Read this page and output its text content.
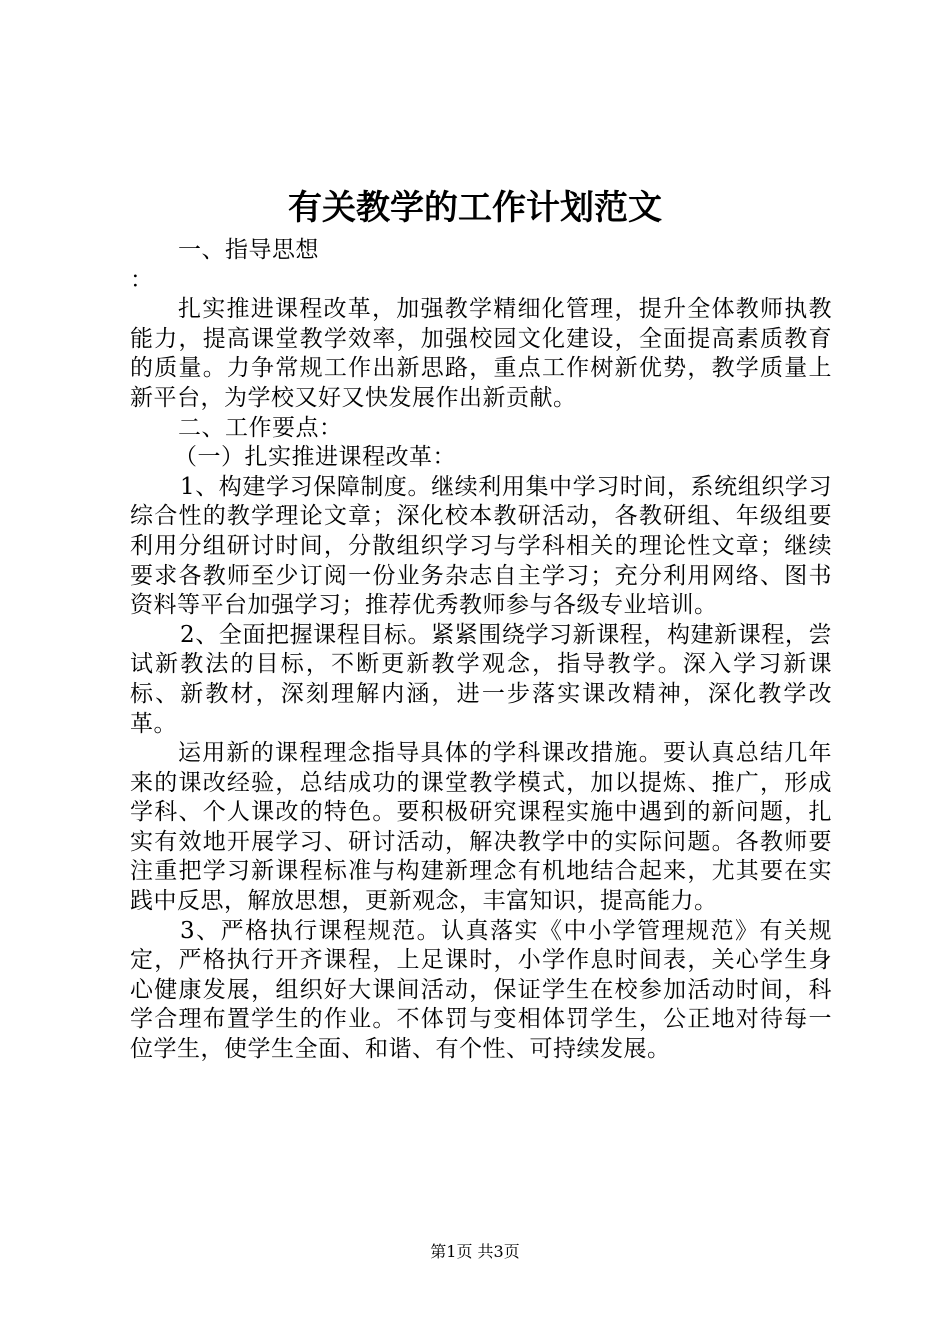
有关教学的工作计划范文
一、指导思想
：

扎实推进课程改革，加强教学精细化管理，提升全体教师执教能力，提高课堂教学效率，加强校园文化建设，全面提高素质教育的质量。力争常规工作出新思路，重点工作树新优势，教学质量上新平台，为学校又好又快发展作出新贡献。

二、工作要点：
（一）扎实推进课程改革：

1、构建学习保障制度。继续利用集中学习时间，系统组织学习综合性的教学理论文章；深化校本教研活动，各教研组、年级组要利用分组研讨时间，分散组织学习与学科相关的理论性文章；继续要求各教师至少订阅一份业务杂志自主学习；充分利用网络、图书资料等平台加强学习；推荐优秀教师参与各级专业培训。

2、全面把握课程目标。紧紧围绕学习新课程，构建新课程，尝试新教法的目标，不断更新教学观念，指导教学。深入学习新课标、新教材，深刻理解内涵，进一步落实课改精神，深化教学改革。

运用新的课程理念指导具体的学科课改措施。要认真总结几年来的课改经验，总结成功的课堂教学模式，加以提炼、推广，形成学科、个人课改的特色。要积极研究课程实施中遇到的新问题，扎实有效地开展学习、研讨活动，解决教学中的实际问题。各教师要注重把学习新课程标准与构建新理念有机地结合起来，尤其要在实践中反思，解放思想，更新观念，丰富知识，提高能力。

3、严格执行课程规范。认真落实《中小学管理规范》有关规定，严格执行开齐课程，上足课时，小学作息时间表，关心学生身心健康发展，组织好大课间活动，保证学生在校参加活动时间，科学合理布置学生的作业。不体罚与变相体罚学生，公正地对待每一位学生，使学生全面、和谐、有个性、可持续发展。

第1页 共3页
